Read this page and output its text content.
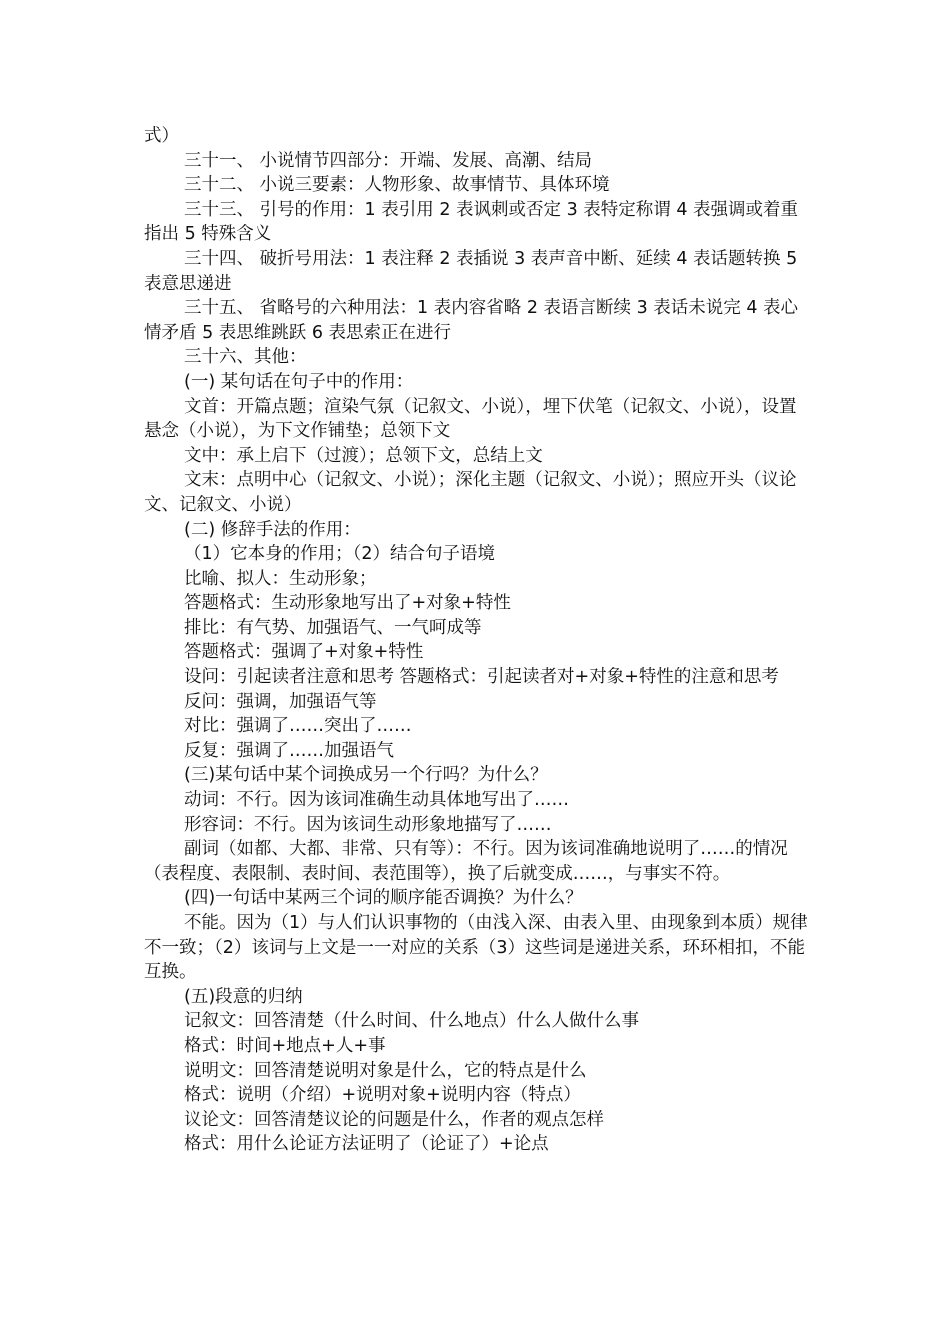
式）

三十一、 小说情节四部分：开端、发展、高潮、结局

三十二、 小说三要素：人物形象、故事情节、具体环境

三十三、 引号的作用：1 表引用 2 表讽刺或否定 3 表特定称谓 4 表强调或着重指出 5 特殊含义

三十四、 破折号用法：1 表注释 2 表插说 3 表声音中断、延续 4 表话题转换 5 表意思递进

三十五、 省略号的六种用法：1 表内容省略 2 表语言断续 3 表话未说完 4 表心情矛盾 5 表思维跳跃 6 表思索正在进行

三十六、其他：

(一) 某句话在句子中的作用：

文首：开篇点题；渲染气氛（记叙文、小说），埋下伏笔（记叙文、小说），设置悬念（小说），为下文作铺垫；总领下文

文中：承上启下（过渡）；总领下文，总结上文

文末：点明中心（记叙文、小说）；深化主题（记叙文、小说）；照应开头（议论文、记叙文、小说）

(二) 修辞手法的作用：

（1）它本身的作用；（2）结合句子语境

比喻、拟人：生动形象；

答题格式：生动形象地写出了+对象+特性

排比：有气势、加强语气、一气呵成等

答题格式：强调了+对象+特性

设问：引起读者注意和思考 答题格式：引起读者对+对象+特性的注意和思考

反问：强调，加强语气等

对比：强调了……突出了……

反复：强调了……加强语气

(三)某句话中某个词换成另一个行吗？为什么？

动词：不行。因为该词准确生动具体地写出了……

形容词：不行。因为该词生动形象地描写了……

副词（如都、大都、非常、只有等）：不行。因为该词准确地说明了……的情况（表程度、表限制、表时间、表范围等），换了后就变成……，与事实不符。

(四)一句话中某两三个词的顺序能否调换？为什么？

不能。因为（1）与人们认识事物的（由浅入深、由表入里、由现象到本质）规律不一致；（2）该词与上文是一一对应的关系（3）这些词是递进关系，环环相扣，不能互换。

(五)段意的归纳

记叙文：回答清楚（什么时间、什么地点）什么人做什么事

格式：时间+地点+人+事

说明文：回答清楚说明对象是什么，它的特点是什么

格式：说明（介绍）+说明对象+说明内容（特点）

议论文：回答清楚议论的问题是什么，作者的观点怎样

格式：用什么论证方法证明了（论证了）+论点
